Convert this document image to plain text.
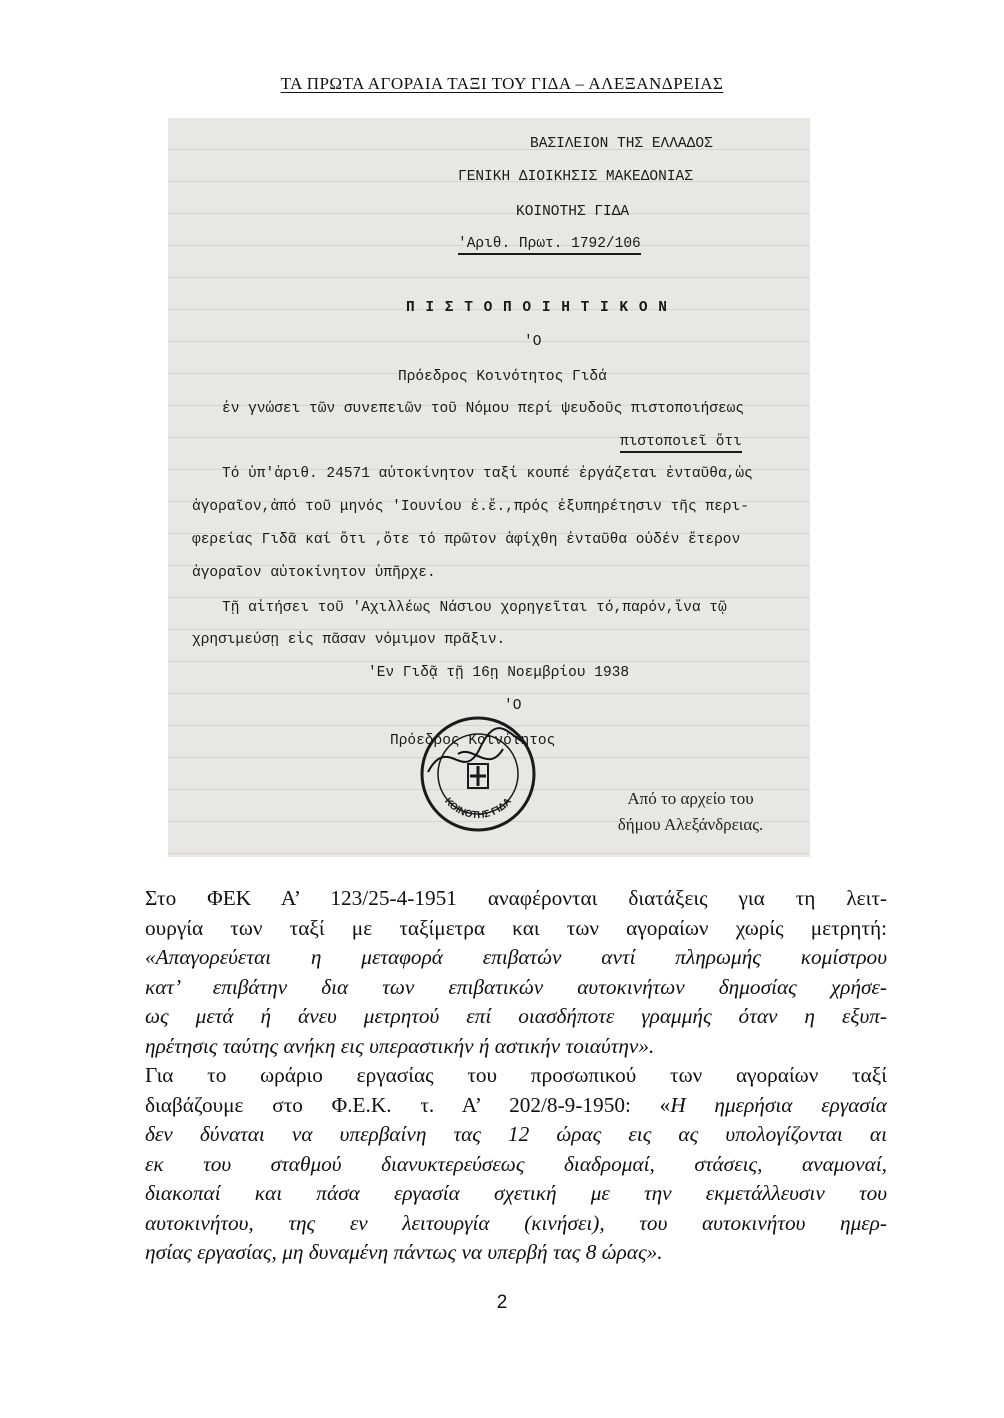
ΤΑ ΠΡΩΤΑ ΑΓΟΡΑΙΑ ΤΑΞΙ ΤΟΥ ΓΙΔΑ – ΑΛΕΞΑΝΔΡΕΙΑΣ
ΒΑΣΙΛΕΙΟΝ ΤΗΣ ΕΛΛΑΔΟΣ
ΓΕΝΙΚΗ ΔΙΟΙΚΗΣΙΣ ΜΑΚΕΔΟΝΙΑΣ
ΚΟΙΝΟΤΗΣ ΓΙΔΑ
'Αριθ. Πρωτ. 1792/106
Π Ι Σ Τ Ο Π Ο Ι Η Τ Ι Κ Ο Ν
'Ο
Πρόεδρος Κοινότητος Γιδά
ἐν γνώσει τῶν συνεπειῶν τοῦ Νόμου περί ψευδοῦς πιστοποιήσεως
πιστοποιεῖ ὅτι
Τό ὑπ'ἀριθ. 24571 αὐτοκίνητον ταξί κουπέ ἐργάζεται ἐνταῦθα,ὡς
ἀγοραῖον,ἀπό τοῦ μηνός 'Ιουνίου ἐ.ἔ.,πρός ἐξυπηρέτησιν τῆς περι-
φερείας Γιδᾶ καί ὅτι ,ὅτε τό πρῶτον ἀφίχθη ἐνταῦθα οὐδέν ἕτερον
ἀγοραῖον αὐτοκίνητον ὑπῆρχε.
Τῇ αἰτήσει τοῦ 'Αχιλλέως Νάσιου χορηγεῖται τό,παρόν,ἵνα τῷ
χρησιμεύσῃ εἰς πᾶσαν νόμιμον πρᾶξιν.
'Εν Γιδᾷ τῇ 16ῃ Νοεμβρίου 1938
'Ο
Πρόεδρος Κοινότητος
ΚΟΙΝΟΤΗΣ ΓΙΔΑ	Από το αρχείο του
δήμου Αλεξάνδρειας.
Στο ΦΕΚ Α’ 123/25-4-1951 αναφέρονται διατάξεις για τη λειτ-
ουργία των ταξί με ταξίμετρα και των αγοραίων χωρίς μετρητή:
«Απαγορεύεται η μεταφορά επιβατών αντί πληρωμής κομίστρου
κατ’ επιβάτην δια των επιβατικών αυτοκινήτων δημοσίας χρήσε-
ως μετά ή άνευ μετρητού επί οιασδήποτε γραμμής όταν η εξυπ-
ηρέτησις ταύτης ανήκη εις υπεραστικήν ή αστικήν τοιαύτην».
Για το ωράριο εργασίας του προσωπικού των αγοραίων ταξί
διαβάζουμε στο Φ.Ε.Κ. τ. Α’ 202/8-9-1950: «Η ημερήσια εργασία
δεν δύναται να υπερβαίνη τας 12 ώρας εις ας υπολογίζονται αι
εκ του σταθμού διανυκτερεύσεως διαδρομαί, στάσεις, αναμοναί,
διακοπαί και πάσα εργασία σχετική με την εκμετάλλευσιν του
αυτοκινήτου, της εν λειτουργία (κινήσει), του αυτοκινήτου ημερ-
ησίας εργασίας, μη δυναμένη πάντως να υπερβή τας 8 ώρας».
2
